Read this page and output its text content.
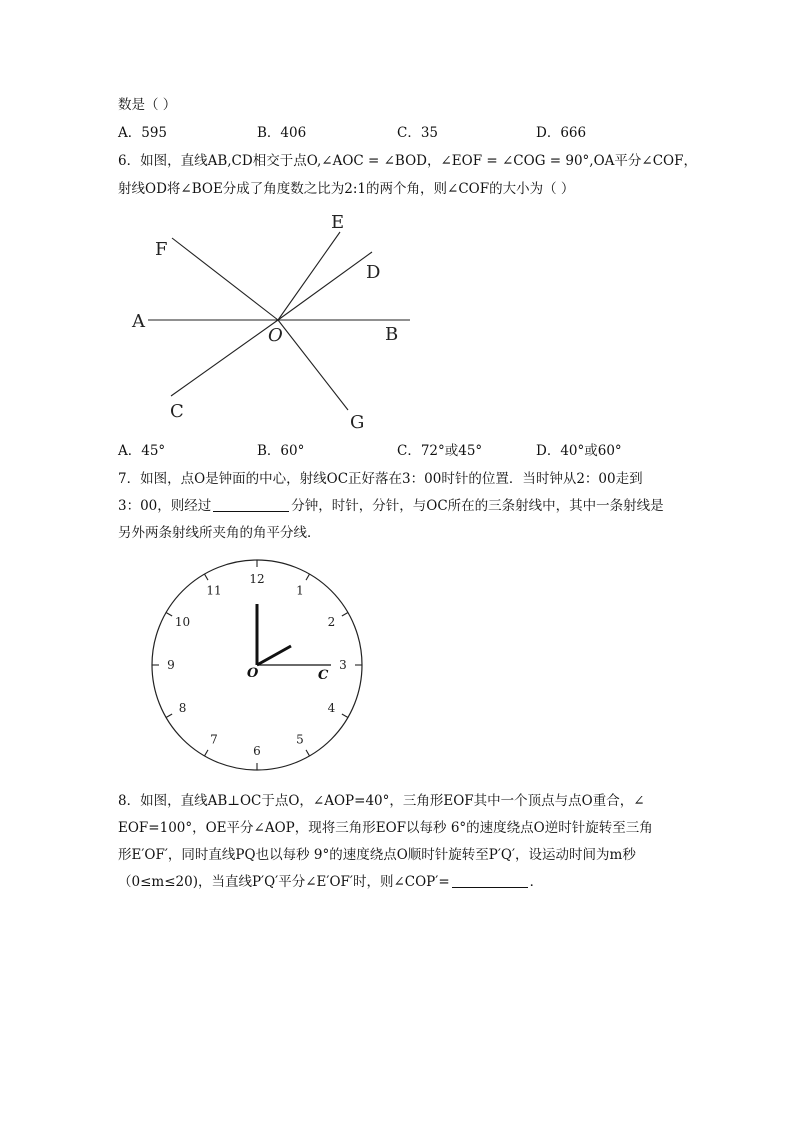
数是（ ）
A．595	B．406	C．35	D．666
6．如图，直线AB,CD相交于点O,∠AOC = ∠BOD，∠EOF = ∠COG = 90°,OA平分∠COF，
射线OD将∠BOE分成了角度数之比为2:1的两个角，则∠COF的大小为（ ）
A
B
C
D
E
F
G
O
A．45°	B．60°	C．72°或45°	D．40°或60°
7．如图，点O是钟面的中心，射线OC正好落在3：00时针的位置．当时钟从2：00走到
3：00，则经过	分钟，时针，分针，与OC所在的三条射线中，其中一条射线是
另外两条射线所夹角的角平分线．
12
1
2
3
4
5
6
7
8
9
10
11
O	C
8．如图，直线AB⊥OC于点O，∠AOP=40°，三角形EOF其中一个顶点与点O重合，∠
EOF=100°，OE平分∠AOP，现将三角形EOF以每秒 6°的速度绕点O逆时针旋转至三角
形E′OF′，同时直线PQ也以每秒 9°的速度绕点O顺时针旋转至P′Q′，设运动时间为m秒
（0≤m≤20)，当直线P′Q′平分∠E′OF′时，则∠COP′=	．
